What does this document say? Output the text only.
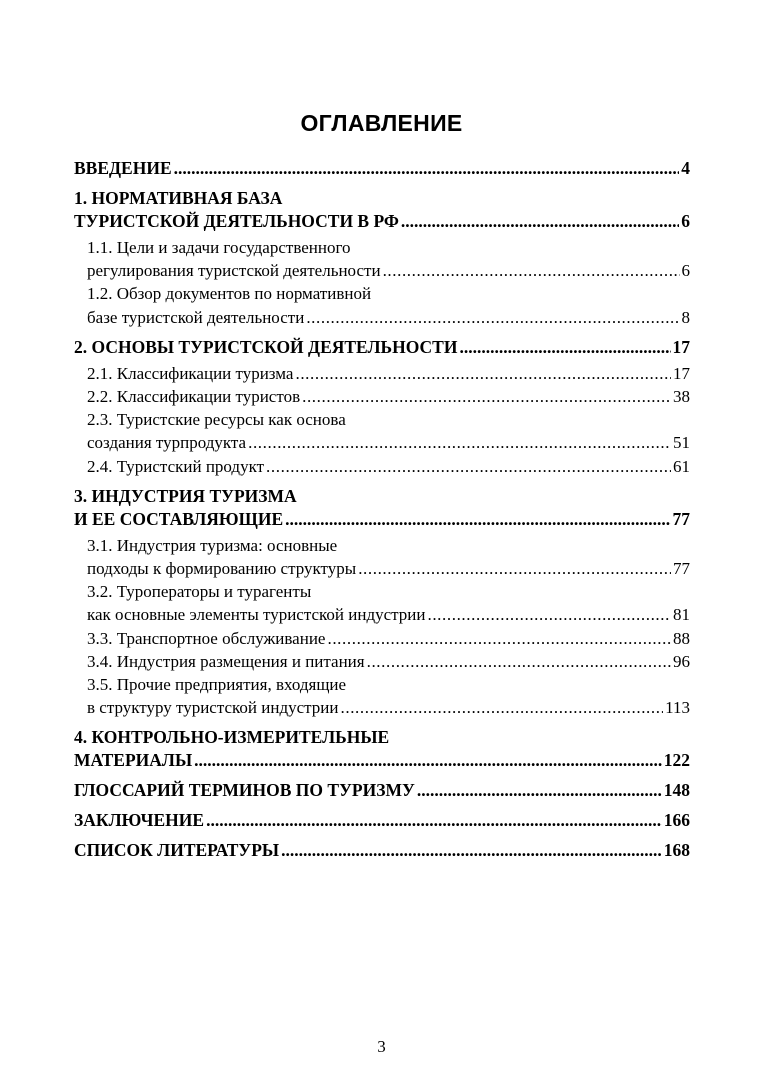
ОГЛАВЛЕНИЕ
ВВЕДЕНИЕ .....	4
1. НОРМАТИВНАЯ БАЗА
ТУРИСТСКОЙ ДЕЯТЕЛЬНОСТИ В РФ .....	6
1.1. Цели и задачи государственного
регулирования туристской деятельности .....	6
1.2. Обзор документов по нормативной
базе туристской деятельности .....	8
2. ОСНОВЫ ТУРИСТСКОЙ ДЕЯТЕЛЬНОСТИ .....	17
2.1. Классификации туризма .....	17
2.2. Классификации туристов .....	38
2.3. Туристские ресурсы как основа
создания турпродукта .....	51
2.4. Туристский продукт .....	61
3. ИНДУСТРИЯ ТУРИЗМА
И ЕЕ СОСТАВЛЯЮЩИЕ .....	77
3.1. Индустрия туризма: основные
подходы к формированию структуры .....	77
3.2. Туроператоры и турагенты
как основные элементы туристской индустрии .....	81
3.3. Транспортное обслуживание .....	88
3.4. Индустрия размещения и питания .....	96
3.5. Прочие предприятия, входящие
в структуру туристской индустрии .....	113
4. КОНТРОЛЬНО-ИЗМЕРИТЕЛЬНЫЕ
МАТЕРИАЛЫ .....	122
ГЛОССАРИЙ ТЕРМИНОВ ПО ТУРИЗМУ .....	148
ЗАКЛЮЧЕНИЕ .....	166
СПИСОК ЛИТЕРАТУРЫ .....	168
3
